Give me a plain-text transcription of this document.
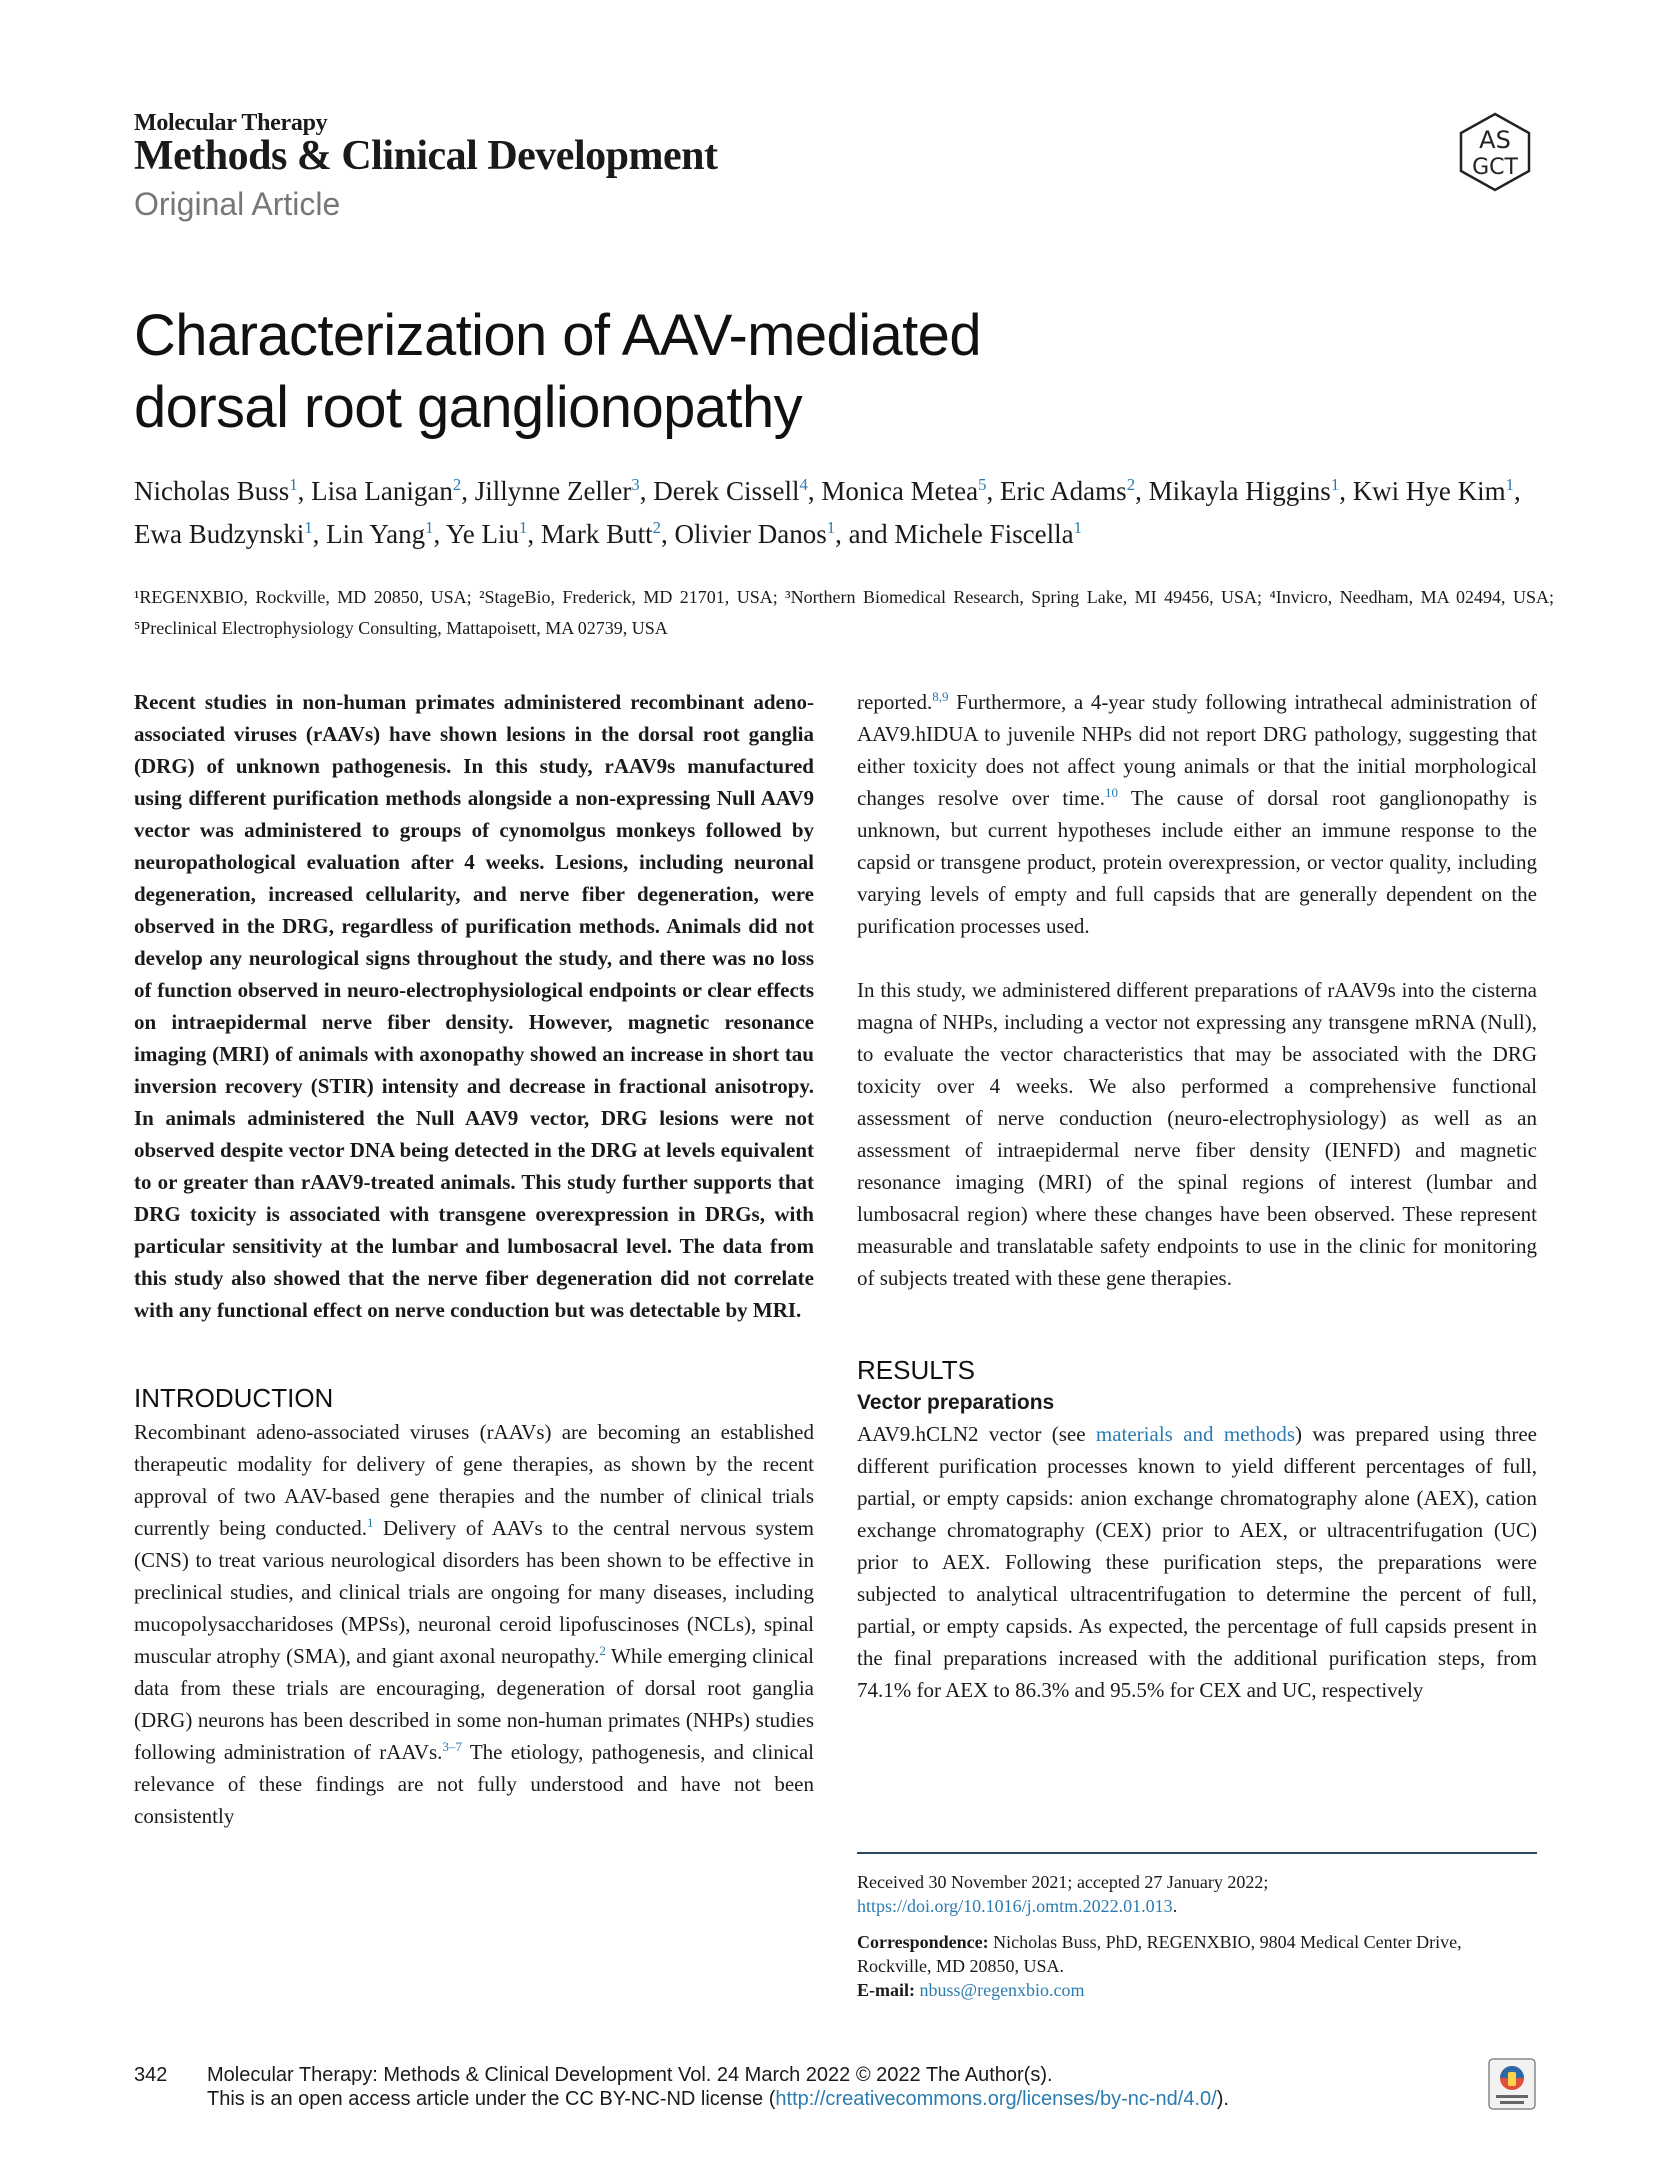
Molecular Therapy
Methods & Clinical Development
Original Article
AS
GCT
Characterization of AAV-mediated
dorsal root ganglionopathy
Nicholas Buss$^1$, Lisa Lanigan$^2$, Jillynne Zeller$^3$, Derek Cissell$^4$, Monica Metea$^5$, Eric Adams$^2$, Mikayla Higgins$^1$, Kwi Hye Kim$^1$, Ewa Budzynski$^1$, Lin Yang$^1$, Ye Liu$^1$, Mark Butt$^2$, Olivier Danos$^1$, and Michele Fiscella$^1$
¹REGENXBIO, Rockville, MD 20850, USA; ²StageBio, Frederick, MD 21701, USA; ³Northern Biomedical Research, Spring Lake, MI 49456, USA; ⁴Invicro, Needham, MA 02494, USA; ⁵Preclinical Electrophysiology Consulting, Mattapoisett, MA 02739, USA

Recent studies in non-human primates administered recombinant adeno-associated viruses (rAAVs) have shown lesions in the dorsal root ganglia (DRG) of unknown pathogenesis. In this study, rAAV9s manufactured using different purification methods alongside a non-expressing Null AAV9 vector was administered to groups of cynomolgus monkeys followed by neuropathological evaluation after 4 weeks. Lesions, including neuronal degeneration, increased cellularity, and nerve fiber degeneration, were observed in the DRG, regardless of purification methods. Animals did not develop any neurological signs throughout the study, and there was no loss of function observed in neuro-electrophysiological endpoints or clear effects on intraepidermal nerve fiber density. However, magnetic resonance imaging (MRI) of animals with axonopathy showed an increase in short tau inversion recovery (STIR) intensity and decrease in fractional anisotropy. In animals administered the Null AAV9 vector, DRG lesions were not observed despite vector DNA being detected in the DRG at levels equivalent to or greater than rAAV9-treated animals. This study further supports that DRG toxicity is associated with transgene overexpression in DRGs, with particular sensitivity at the lumbar and lumbosacral level. The data from this study also showed that the nerve fiber degeneration did not correlate with any functional effect on nerve conduction but was detectable by MRI.

INTRODUCTION

Recombinant adeno-associated viruses (rAAVs) are becoming an established therapeutic modality for delivery of gene therapies, as shown by the recent approval of two AAV-based gene therapies and the number of clinical trials currently being conducted.$^1$ Delivery of AAVs to the central nervous system (CNS) to treat various neurological disorders has been shown to be effective in preclinical studies, and clinical trials are ongoing for many diseases, including mucopolysaccharidoses (MPSs), neuronal ceroid lipofuscinoses (NCLs), spinal muscular atrophy (SMA), and giant axonal neuropathy.$^2$ While emerging clinical data from these trials are encouraging, degeneration of dorsal root ganglia (DRG) neurons has been described in some non-human primates (NHPs) studies following administration of rAAVs.$^{3-7}$ The etiology, pathogenesis, and clinical relevance of these findings are not fully understood and have not been consistently

reported.$^{8,9}$ Furthermore, a 4-year study following intrathecal administration of AAV9.hIDUA to juvenile NHPs did not report DRG pathology, suggesting that either toxicity does not affect young animals or that the initial morphological changes resolve over time.$^{10}$ The cause of dorsal root ganglionopathy is unknown, but current hypotheses include either an immune response to the capsid or transgene product, protein overexpression, or vector quality, including varying levels of empty and full capsids that are generally dependent on the purification processes used.

In this study, we administered different preparations of rAAV9s into the cisterna magna of NHPs, including a vector not expressing any transgene mRNA (Null), to evaluate the vector characteristics that may be associated with the DRG toxicity over 4 weeks. We also performed a comprehensive functional assessment of nerve conduction (neuro-electrophysiology) as well as an assessment of intraepidermal nerve fiber density (IENFD) and magnetic resonance imaging (MRI) of the spinal regions of interest (lumbar and lumbosacral region) where these changes have been observed. These represent measurable and translatable safety endpoints to use in the clinic for monitoring of subjects treated with these gene therapies.

RESULTS
Vector preparations

AAV9.hCLN2 vector (see materials and methods) was prepared using three different purification processes known to yield different percentages of full, partial, or empty capsids: anion exchange chromatography alone (AEX), cation exchange chromatography (CEX) prior to AEX, or ultracentrifugation (UC) prior to AEX. Following these purification steps, the preparations were subjected to analytical ultracentrifugation to determine the percent of full, partial, or empty capsids. As expected, the percentage of full capsids present in the final preparations increased with the additional purification steps, from 74.1% for AEX to 86.3% and 95.5% for CEX and UC, respectively

Received 30 November 2021; accepted 27 January 2022;

https://doi.org/10.1016/j.omtm.2022.01.013.

Correspondence: Nicholas Buss, PhD, REGENXBIO, 9804 Medical Center Drive, Rockville, MD 20850, USA.

E-mail: nbuss@regenxbio.com

342 Molecular Therapy: Methods & Clinical Development Vol. 24 March 2022 © 2022 The Author(s).
This is an open access article under the CC BY-NC-ND license (http://creativecommons.org/licenses/by-nc-nd/4.0/).
